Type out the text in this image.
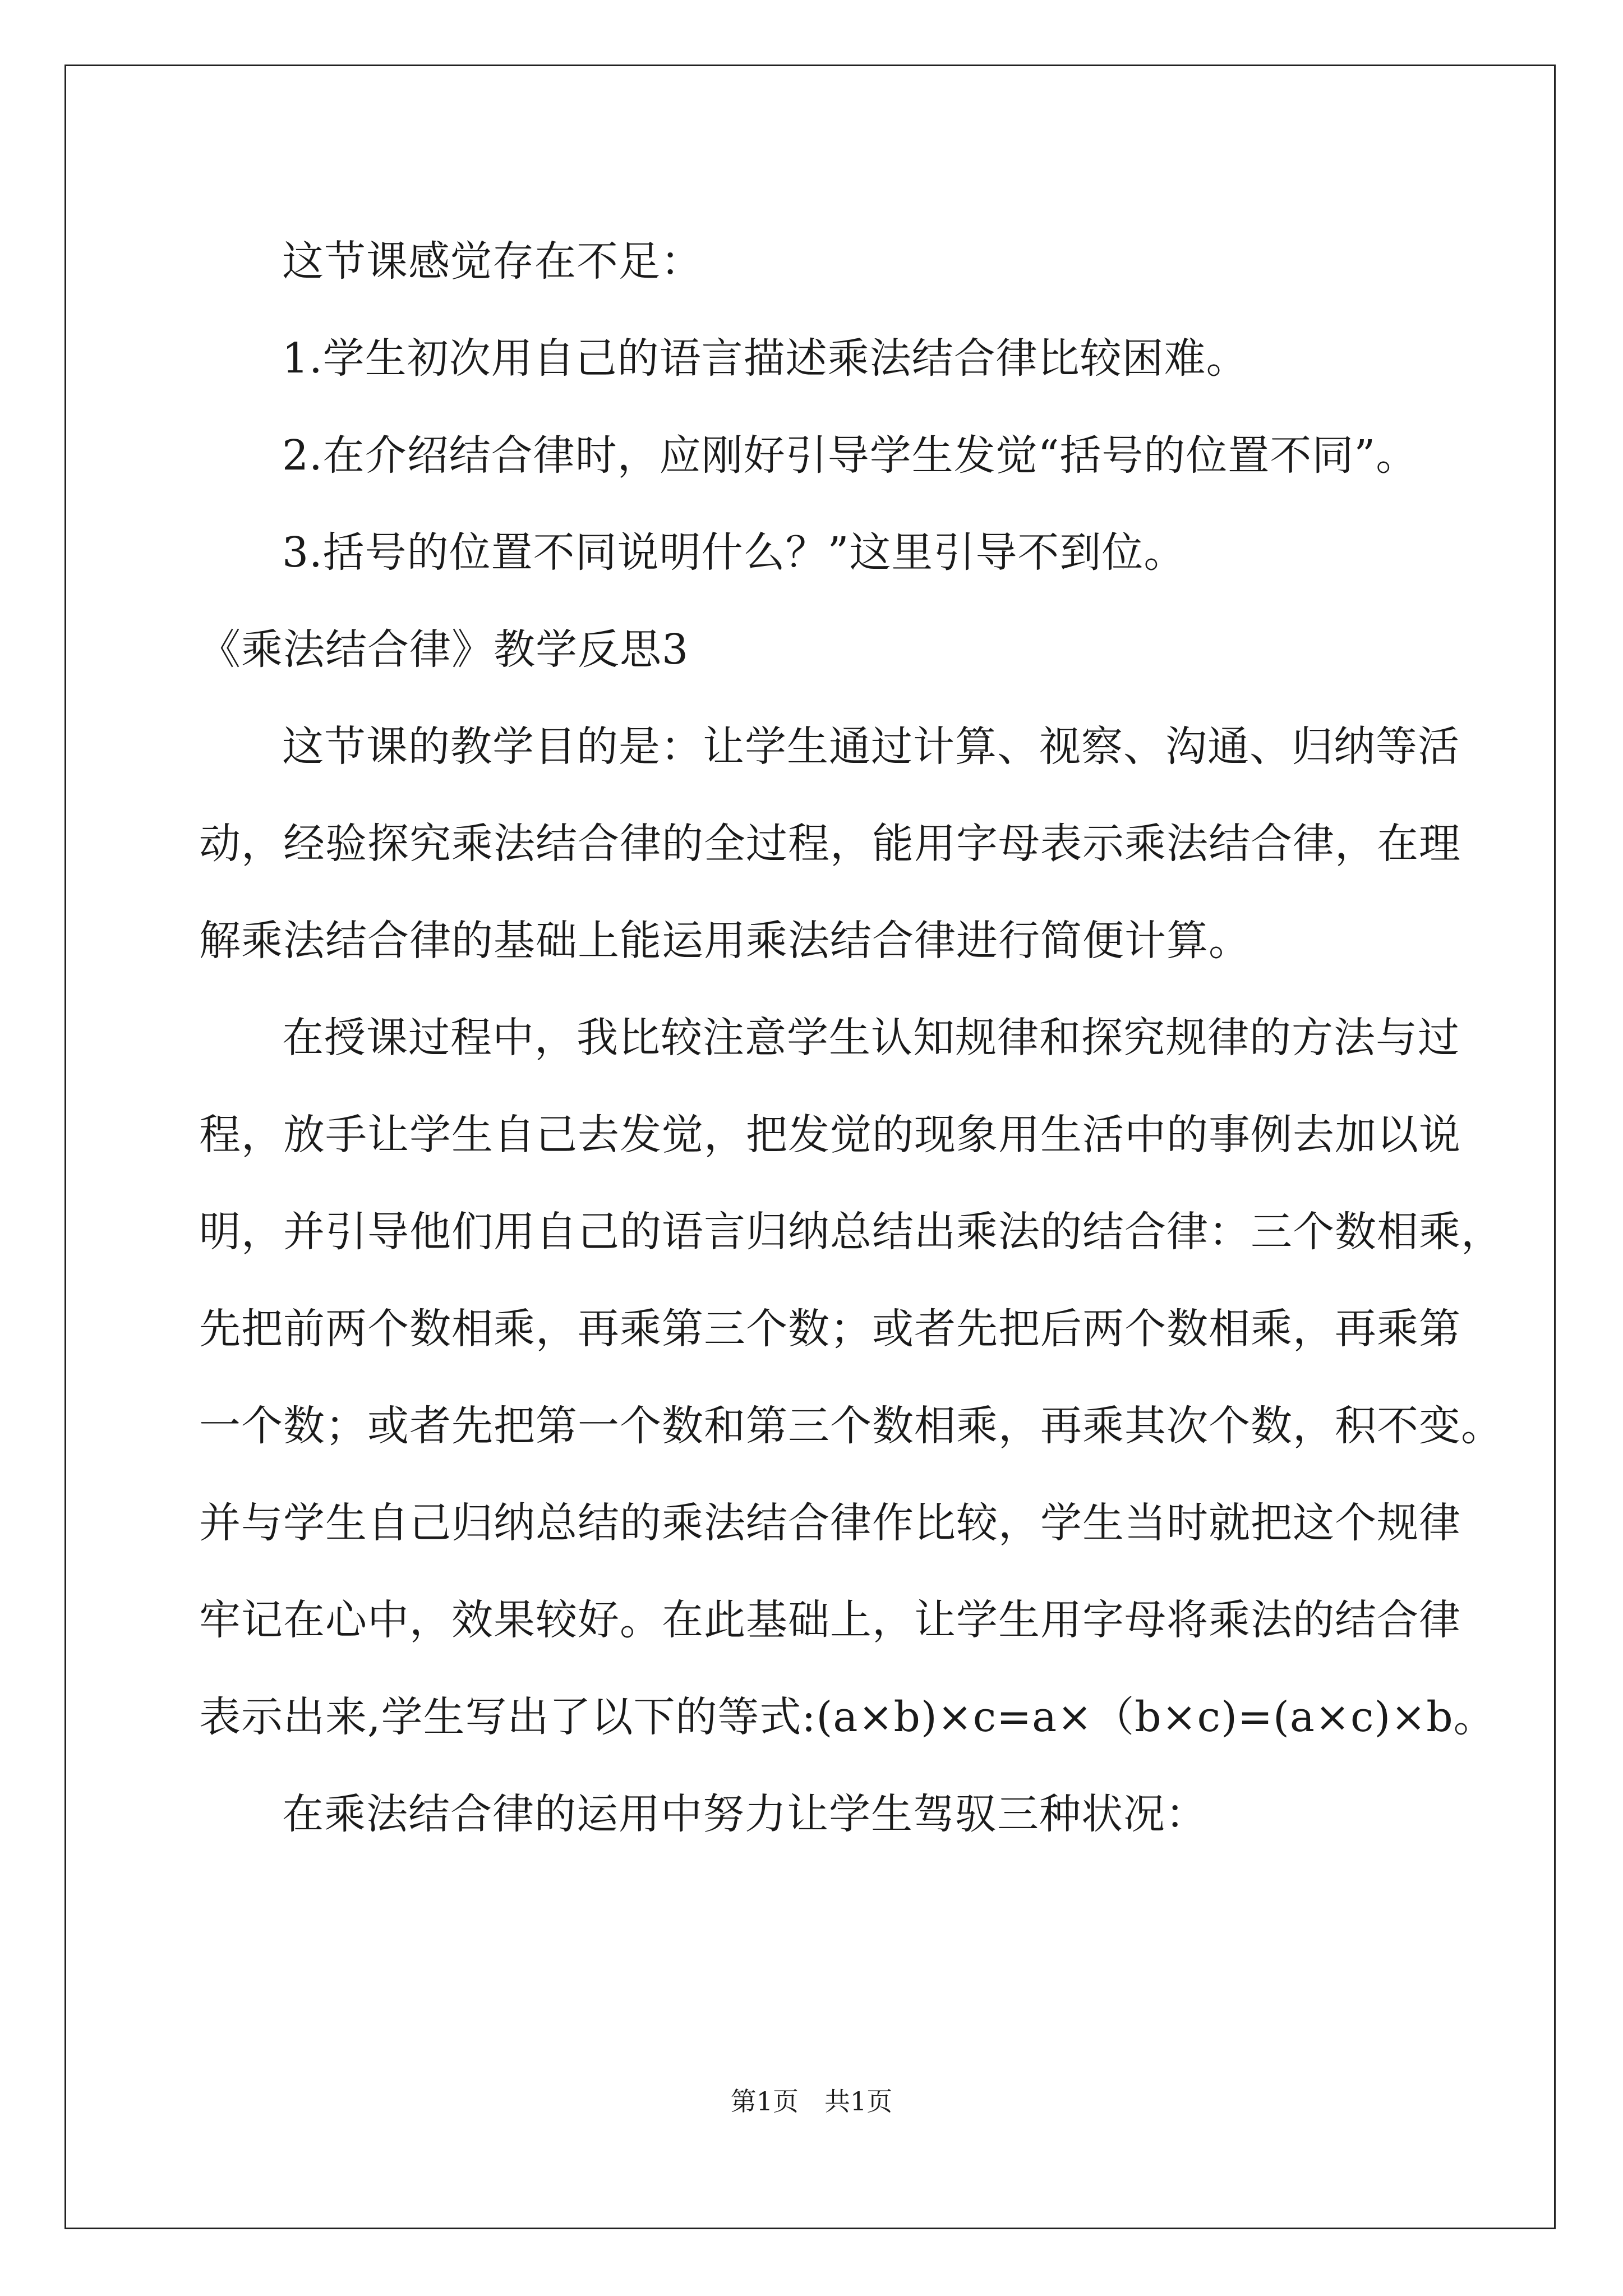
这节课感觉存在不足：
1.学生初次用自己的语言描述乘法结合律比较困难。
2.在介绍结合律时，应刚好引导学生发觉“括号的位置不同”。
3.括号的位置不同说明什么？”这里引导不到位。
《乘法结合律》教学反思3
这节课的教学目的是：让学生通过计算、视察、沟通、归纳等活
动，经验探究乘法结合律的全过程，能用字母表示乘法结合律，在理
解乘法结合律的基础上能运用乘法结合律进行简便计算。
在授课过程中，我比较注意学生认知规律和探究规律的方法与过
程，放手让学生自己去发觉，把发觉的现象用生活中的事例去加以说
明，并引导他们用自己的语言归纳总结出乘法的结合律：三个数相乘，
先把前两个数相乘，再乘第三个数；或者先把后两个数相乘，再乘第
一个数；或者先把第一个数和第三个数相乘，再乘其次个数，积不变。
并与学生自己归纳总结的乘法结合律作比较，学生当时就把这个规律
牢记在心中，效果较好。在此基础上，让学生用字母将乘法的结合律
表示出来,学生写出了以下的等式:(a×b)×c=a×（b×c)=(a×c)×b。
在乘法结合律的运用中努力让学生驾驭三种状况：
第1页　共1页
